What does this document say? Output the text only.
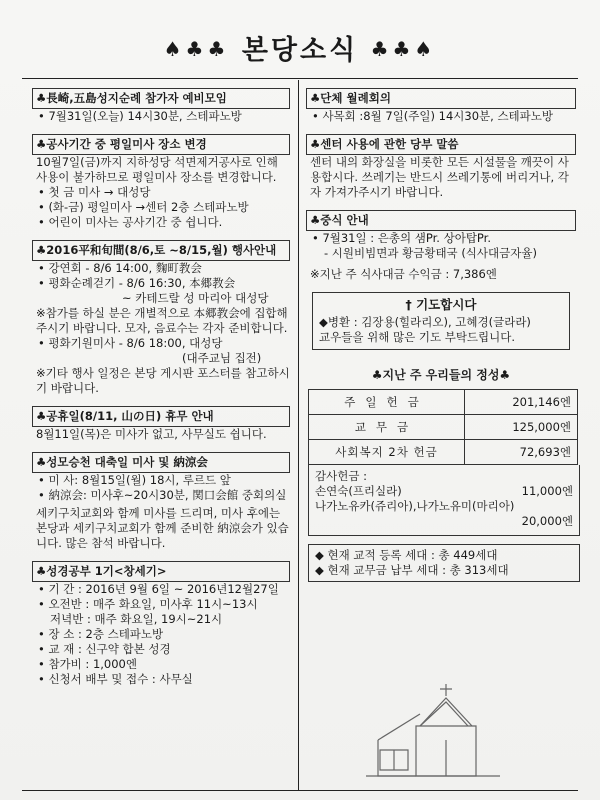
♠♣♣ 본당소식 ♣♣♠
♣長崎,五島성지순례 참가자 예비모임
• 7월31일(오늘) 14시30분, 스테파노방
♣공사기간 중 평일미사 장소 변경
10월7일(금)까지 지하성당 석면제거공사로 인해 사용이 불가하므로 평일미사 장소를 변경합니다.
• 첫 금 미사 → 대성당
• (화-금) 평일미사 →센터 2층 스테파노방
• 어린이 미사는 공사기간 중 쉽니다.
♣2016平和旬間(8/6,토 ~8/15,월) 행사안내
• 강연회 - 8/6 14:00, 麴町教会
• 평화순례걷기 - 8/6 16:30, 本郷教会
~ 카테드랄 성 마리아 대성당
※참가를 하실 분은 개별적으로 本郷教会에 집합해주시기 바랍니다. 모자, 음료수는 각자 준비합니다.
• 평화기원미사 - 8/6 18:00, 대성당
(대주교님 집전)
※기타 행사 일정은 본당 게시판 포스터를 참고하시기 바랍니다.
♣공휴일(8/11, 山の日) 휴무 안내
8월11일(목)은 미사가 없고, 사무실도 쉽니다.
♣성모승천 대축일 미사 및 納涼会
• 미 사: 8월15일(월) 18시, 루르드 앞
• 納涼会: 미사후~20시30분, 関口会館 중회의실
세키구치교회와 함께 미사를 드리며, 미사 후에는 본당과 세키구치교회가 함께 준비한 納涼会가 있습니다. 많은 참석 바랍니다.
♣성경공부 1기<창세기>
• 기 간 : 2016년 9월 6일 ~ 2016년12월27일
• 오전반 : 매주 화요일, 미사후 11시~13시
저녁반 : 매주 화요일, 19시~21시
• 장 소 : 2층 스테파노방
• 교 재 : 신구약 합본 성경
• 참가비 : 1,000엔
• 신청서 배부 및 접수 : 사무실
♣단체 월례회의
• 사목회 :8월 7일(주일) 14시30분, 스테파노방
♣센터 사용에 관한 당부 말씀
센터 내의 화장실을 비롯한 모든 시설물을 깨끗이 사용합시다. 쓰레기는 반드시 쓰레기통에 버리거나, 각자 가져가주시기 바랍니다.
♣중식 안내
• 7월31일 : 은총의 샘Pr. 상아탑Pr.
- 시원비빔면과 황금황태국 (식사대금자율)
※지난 주 식사대금 수익금 : 7,386엔
† 기도합시다
◆병환 : 김장용(힐라리오), 고혜경(글라라)
교우들을 위해 많은 기도 부탁드립니다.
♣지난 주 우리들의 정성♣
주일헌금	201,146엔
교무금	125,000엔
사회복지 2차 헌금	72,693엔
감사헌금 :
손연숙(프리실라)	11,000엔
나가노유카(쥬리아),나가노유미(마리아)
20,000엔
◆ 현재 교적 등록 세대 : 총 449세대
◆ 현재 교무금 납부 세대 : 총 313세대
